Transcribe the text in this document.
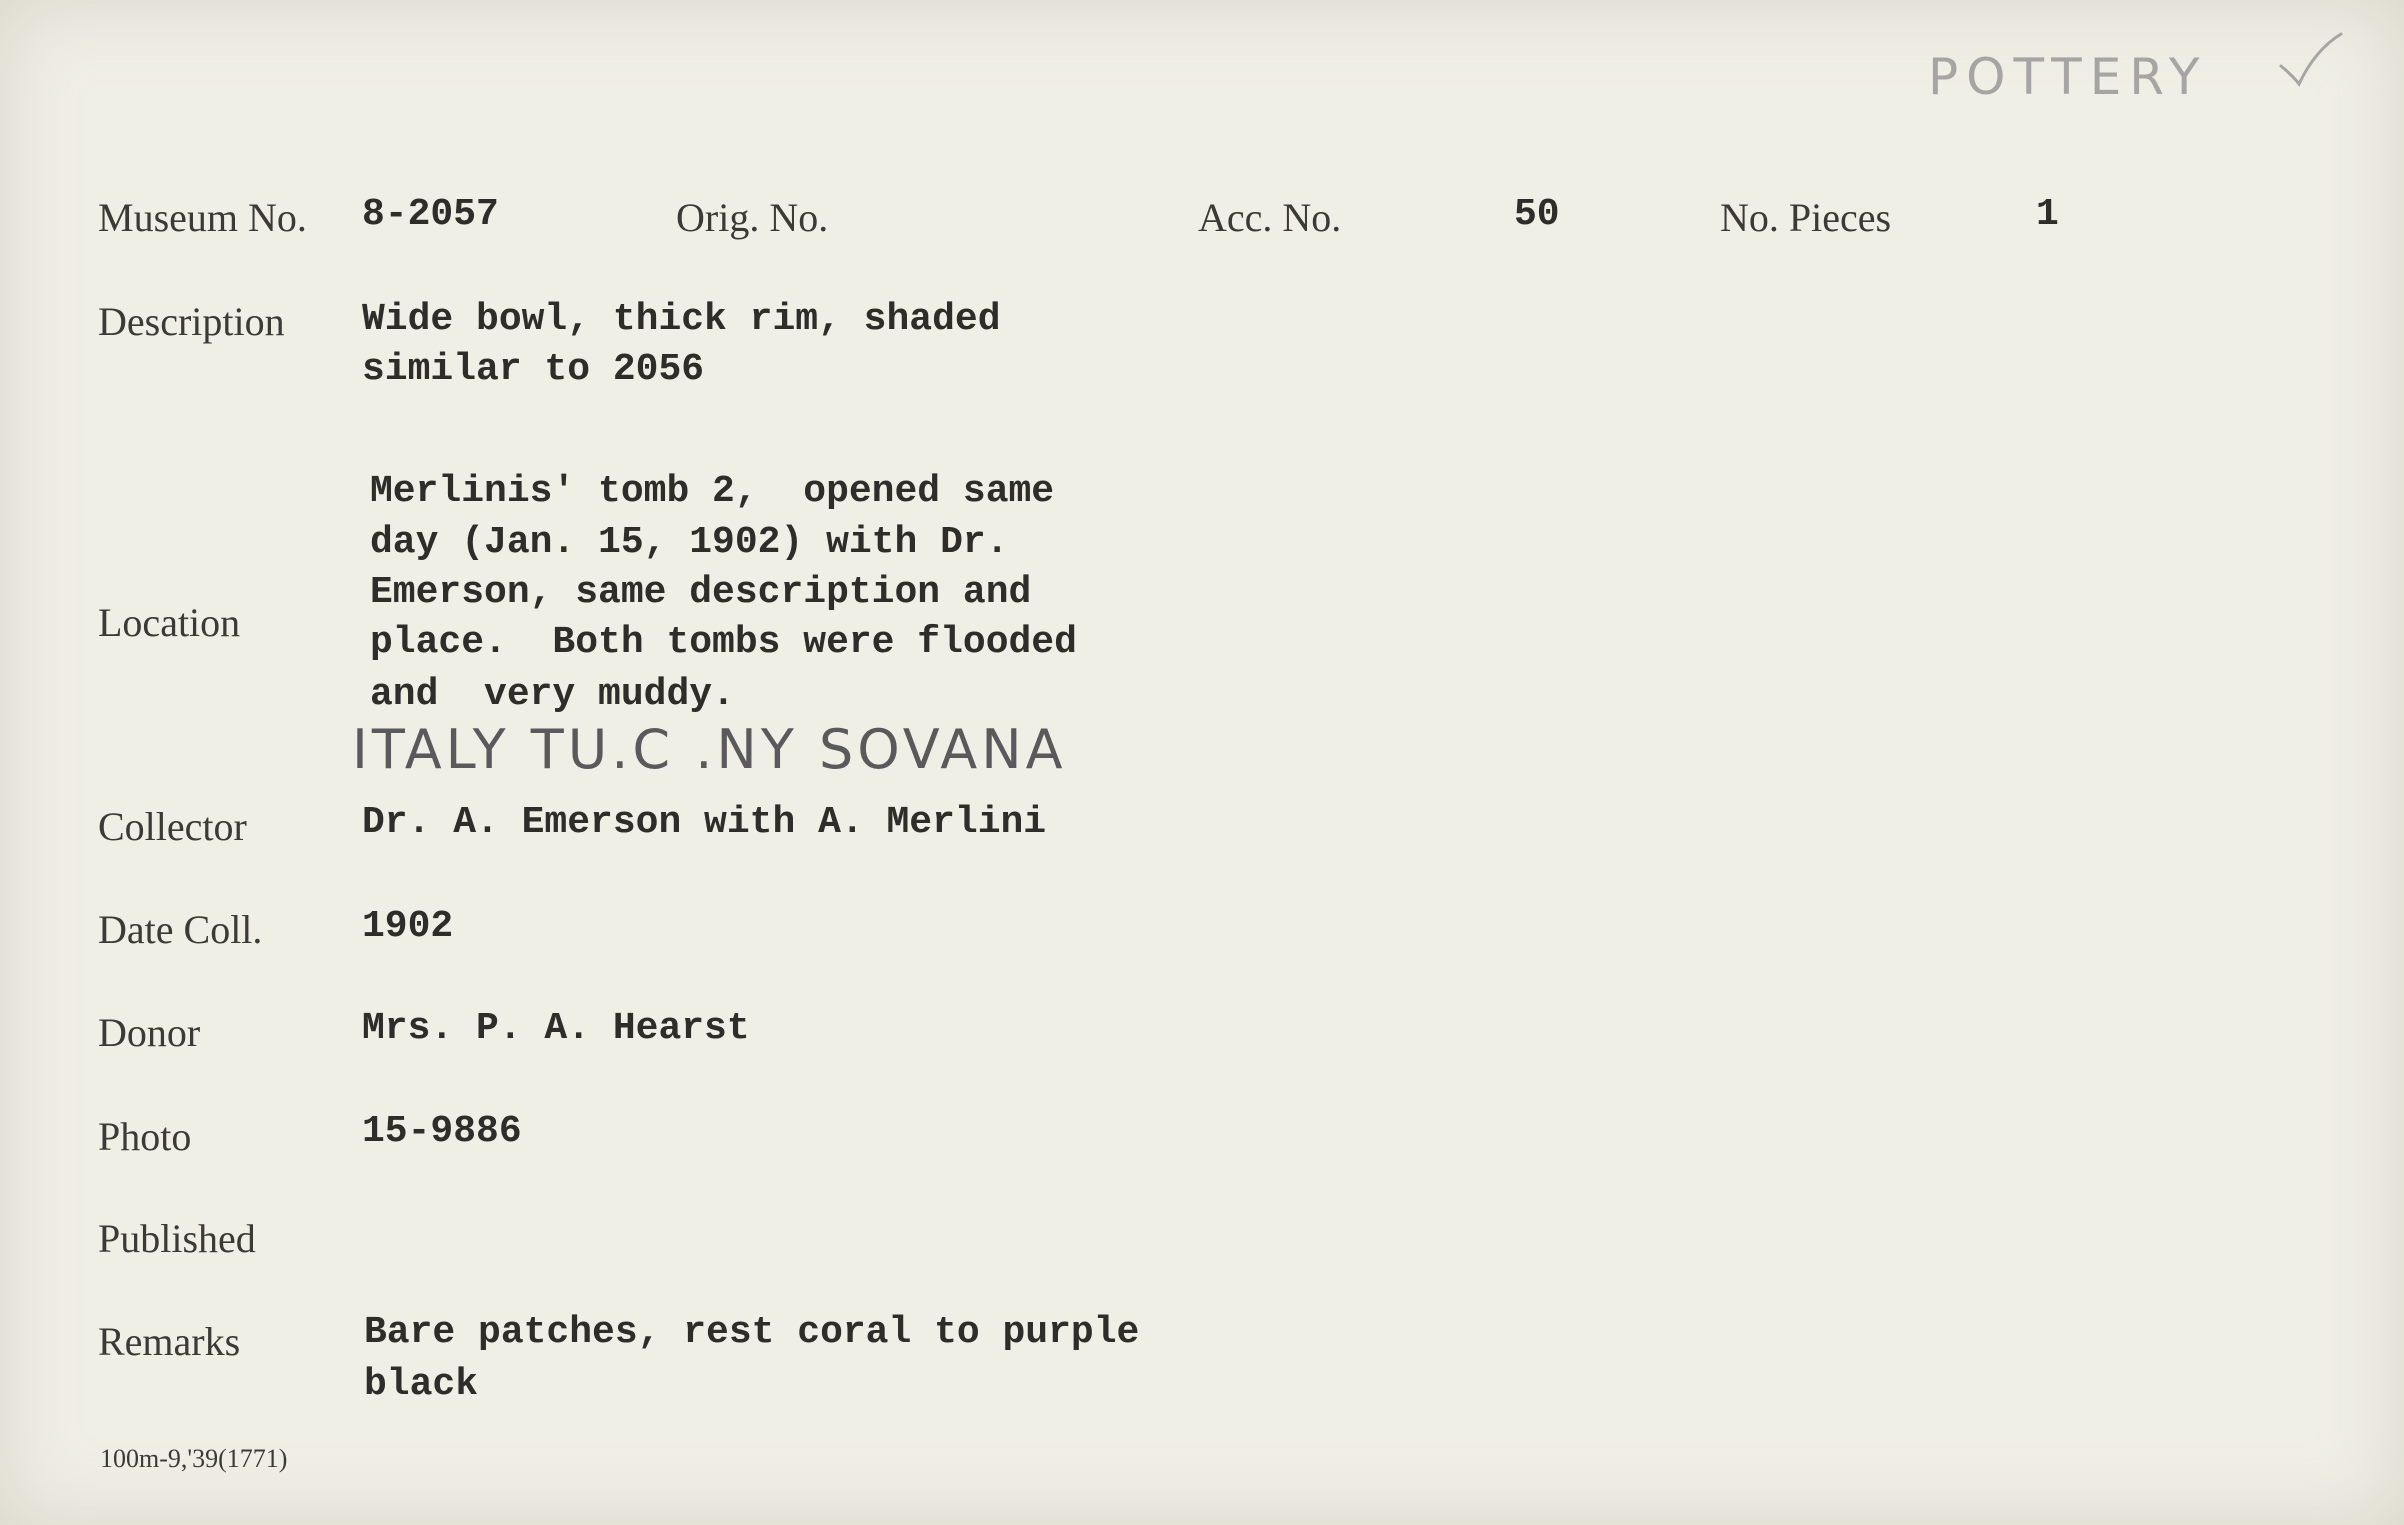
POTTERY
Museum No. 8-2057	Orig. No.	Acc. No.	50	No. Pieces	1
Description Wide bowl, thick rim, shaded
similar to 2056
Location
Merlinis' tomb 2,  opened same
day (Jan. 15, 1902) with Dr.
Emerson, same description and
place.  Both tombs were flooded
and  very muddy.
ITALY TU.C .NY SOVANA
Collector	Dr. A. Emerson with A. Merlini
Date Coll.	1902
Donor	Mrs. P. A. Hearst
Photo	15-9886
Published
Remarks	Bare patches, rest coral to purple
black
100m-9,'39(1771)
